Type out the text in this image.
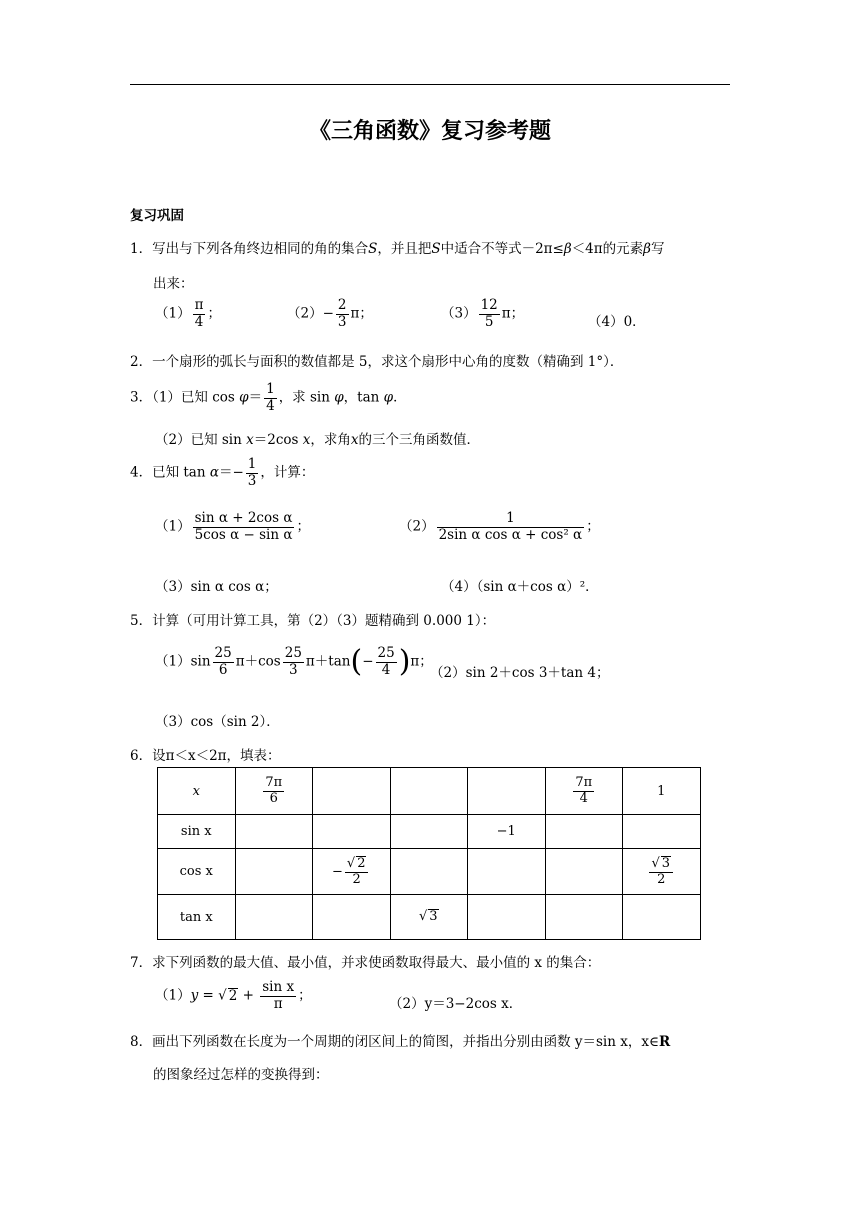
《三角函数》复习参考题
复习巩固
1．写出与下列各角终边相同的角的集合S，并且把S中适合不等式－2π≤β＜4π的元素β写
出来：
$(1) \frac{\pi}{4}$ ；	$(2)- \frac{2}{3}$ π；	$(3) \frac{12}{5}$ π；
（4）0．
2．一个扇形的弧长与面积的数值都是 5，求这个扇形中心角的度数（精确到 1°）．
3．（1）已知 $\cos \varphi= \frac{1}{4}$ ，求 sin φ，tan φ．
（2）已知 sin x＝2cos x，求角x的三个三角函数值．
4．已知 $\tan \alpha=- \frac{1}{3}$ ，计算：
$(1) \frac{\text{sin α + 2cos α}}{\text{5cos α − sin α}}$ ；	$(2) \frac{1}{\text{2sin α cos α + cos² α}}$ ；
（3）sin α cos α；	（4）（sin α＋cos α）²．
5．计算（可用计算工具，第（2）（3）题精确到 0.000 1）：
$(1)\sin \frac{25}{6} \pi+\cos \frac{25}{3} \pi+\tan(- \frac{25}{4} )\pi$；
（2）sin 2＋cos 3＋tan 4；
（3）cos（sin 2）．
6．设π＜x＜2π，填表：
x	$\frac{7\pi}{6}$				$\frac{7\pi}{4}$	1
sin x				−1		
cos x		− $\frac{√ 2}{2}$				$\frac{√ 3}{2}$

tan x			√ 3			
7．求下列函数的最大值、最小值，并求使函数取得最大、最小值的 x 的集合：
（1）y = √ $2 + \frac{\text{sin x}}{\pi}$ ；
（2）y＝3−2cos x．
8．画出下列函数在长度为一个周期的闭区间上的简图，并指出分别由函数 y＝sin x，x∈R
的图象经过怎样的变换得到：
